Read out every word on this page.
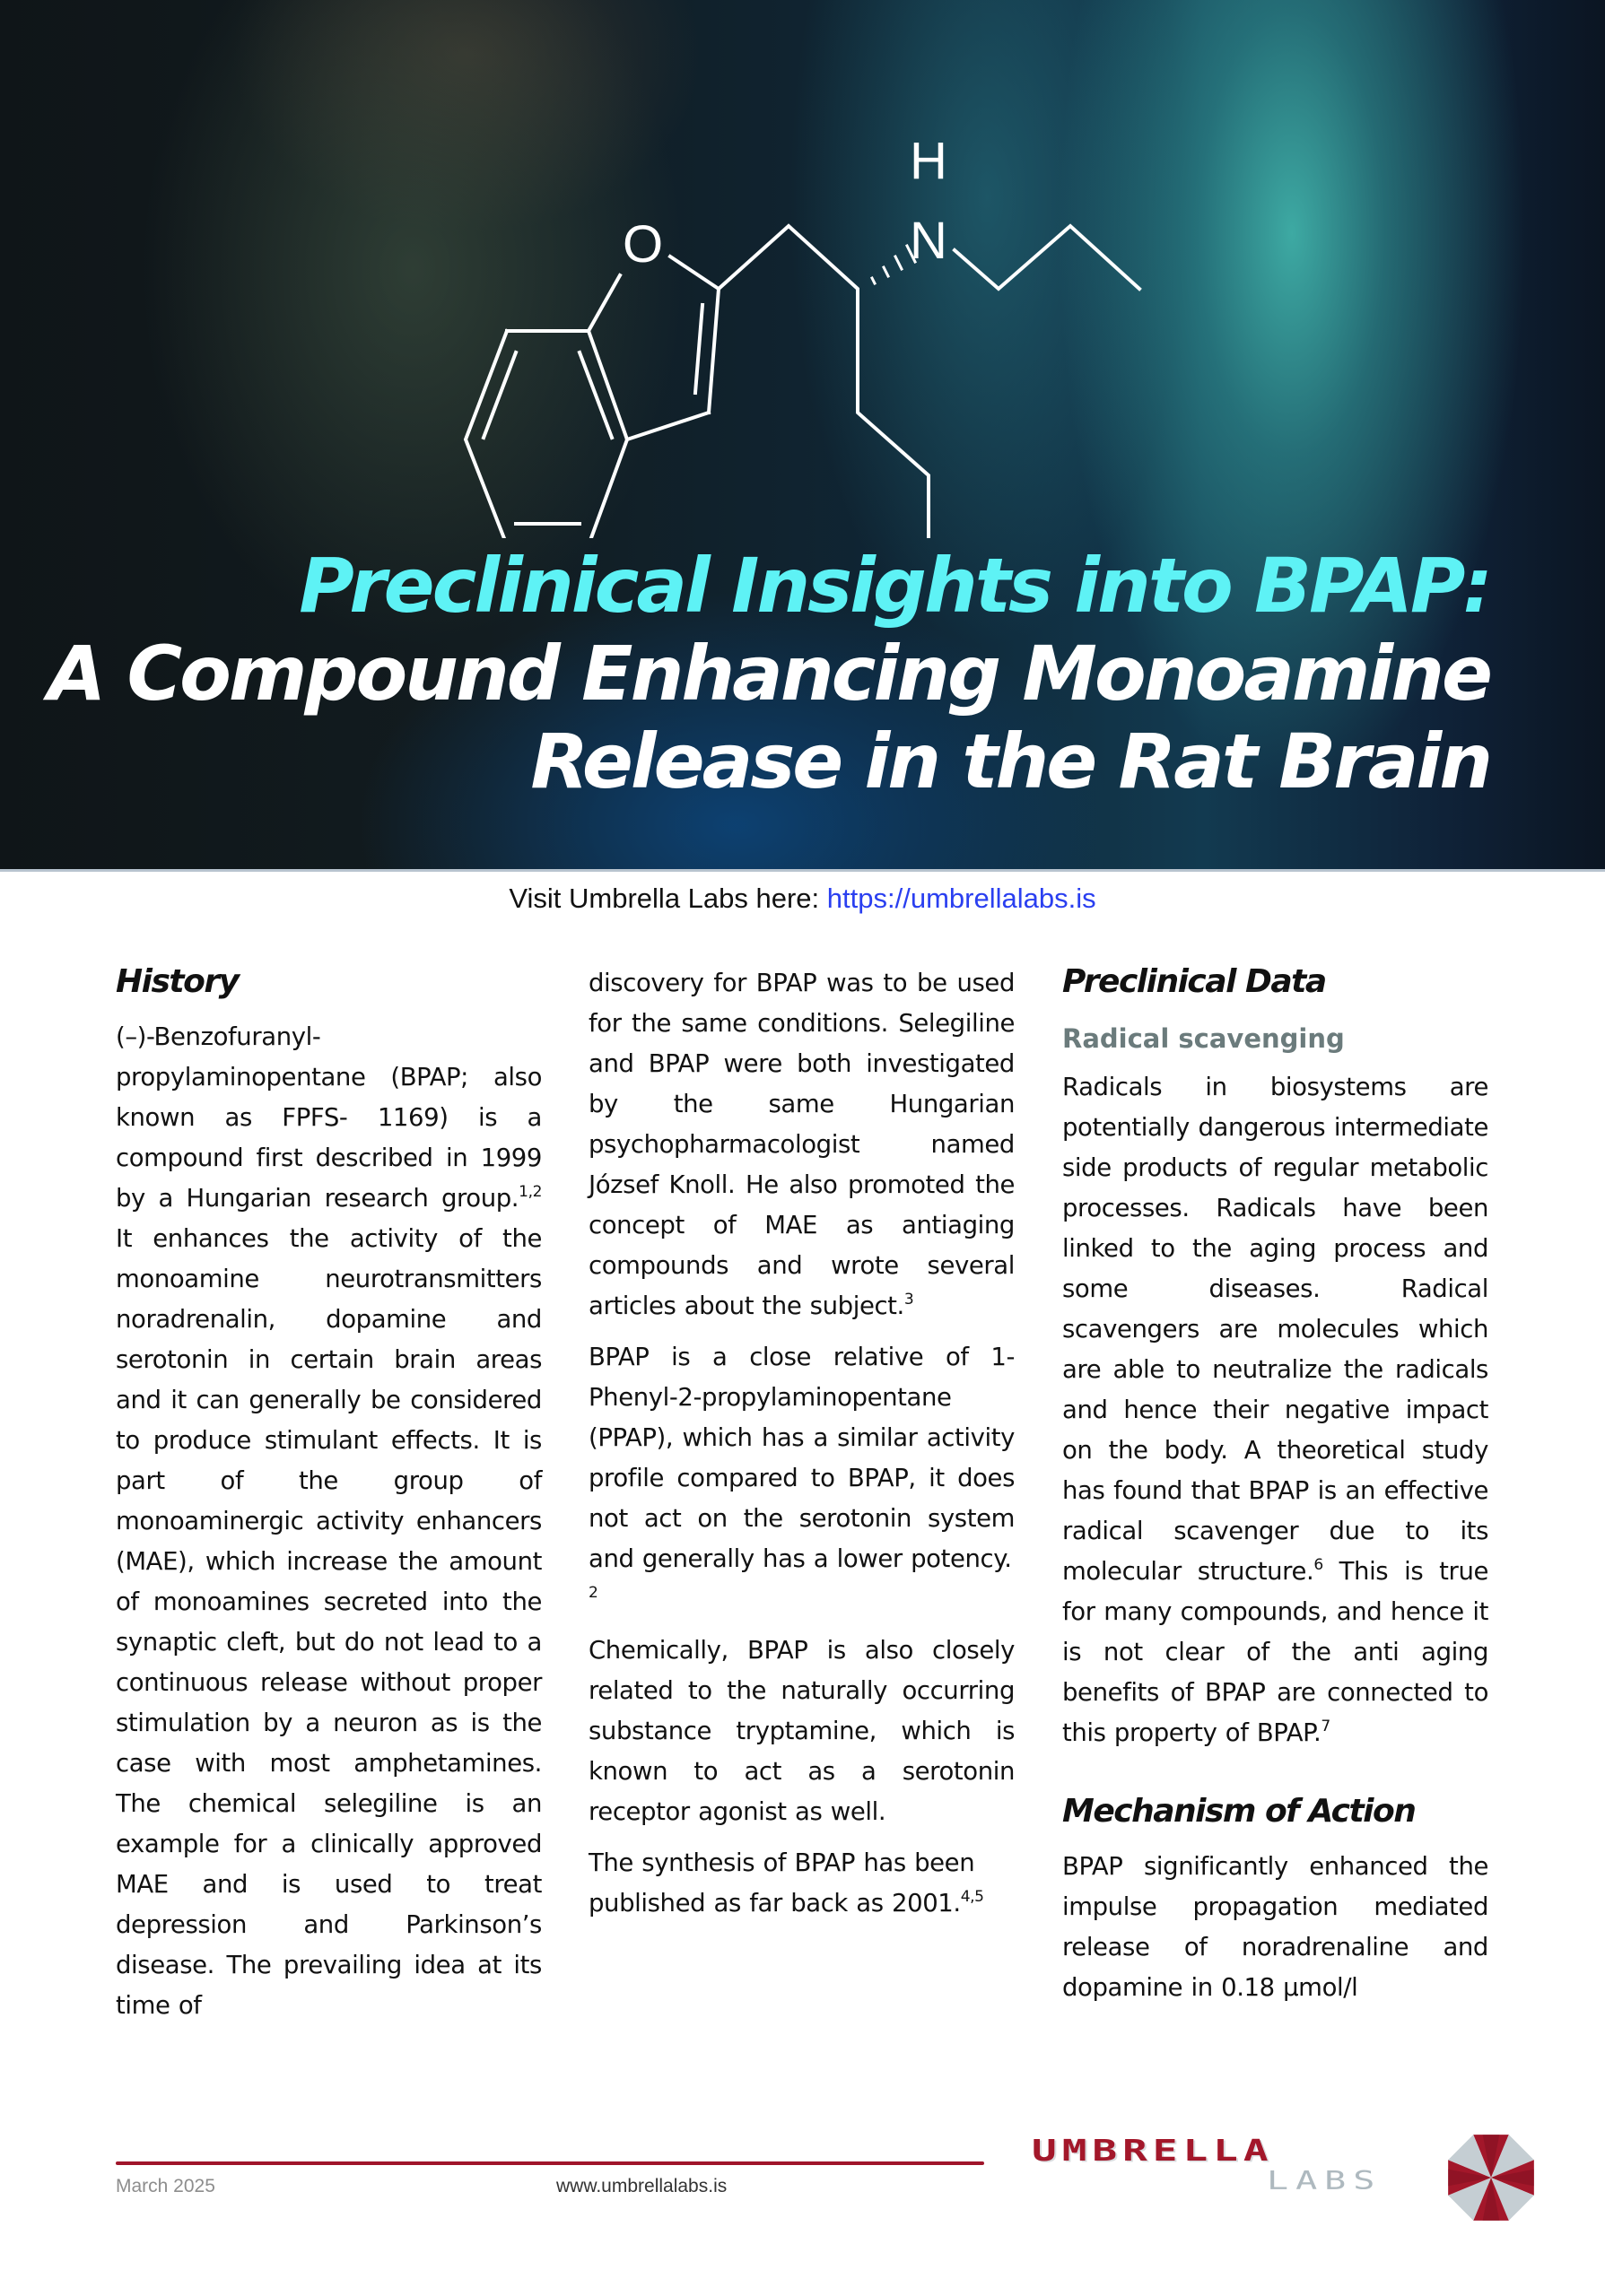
O	N
H
Preclinical Insights into BPAP:
A Compound Enhancing Monoamine
Release in the Rat Brain
Visit Umbrella Labs here: https://umbrellalabs.is
History

(–)-Benzofuranyl-propylaminopentane (BPAP; also known as FPFS- 1169) is a compound first described in 1999 by a Hungarian research group.$^{1,2}$ It enhances the activity of the monoamine neurotransmitters noradrenalin, dopamine and serotonin in certain brain areas and it can generally be considered to produce stimulant effects. It is part of the group of monoaminergic activity enhancers (MAE), which increase the amount of monoamines secreted into the synaptic cleft, but do not lead to a continuous release without proper stimulation by a neuron as is the case with most amphetamines. The chemical selegiline is an example for a clinically approved MAE and is used to treat depression and Parkinson’s disease. The prevailing idea at its time of

discovery for BPAP was to be used for the same conditions. Selegiline and BPAP were both investigated by the same Hungarian psychopharmacologist named József Knoll. He also promoted the concept of MAE as antiaging compounds and wrote several articles about the subject.$^3$

BPAP is a close relative of 1-Phenyl-2-propylaminopentane (PPAP), which has a similar activity profile compared to BPAP, it does not act on the serotonin system and generally has a lower potency.
$^2$

Chemically, BPAP is also closely related to the naturally occurring substance tryptamine, which is known to act as a serotonin receptor agonist as well.

The synthesis of BPAP has been published as far back as 2001.$^{4,5}$

Preclinical Data
Radical scavenging

Radicals in biosystems are potentially dangerous intermediate side products of regular metabolic processes. Radicals have been linked to the aging process and some diseases. Radical scavengers are molecules which are able to neutralize the radicals and hence their negative impact on the body. A theoretical study has found that BPAP is an effective radical scavenger due to its molecular structure.$^6$ This is true for many compounds, and hence it is not clear of the anti aging benefits of BPAP are connected to this property of BPAP.$^7$

Mechanism of Action

BPAP significantly enhanced the impulse propagation mediated release of noradrenaline and dopamine in 0.18 µmol/l

March 2025	www.umbrellalabs.is
UMBRELLA
LABS
